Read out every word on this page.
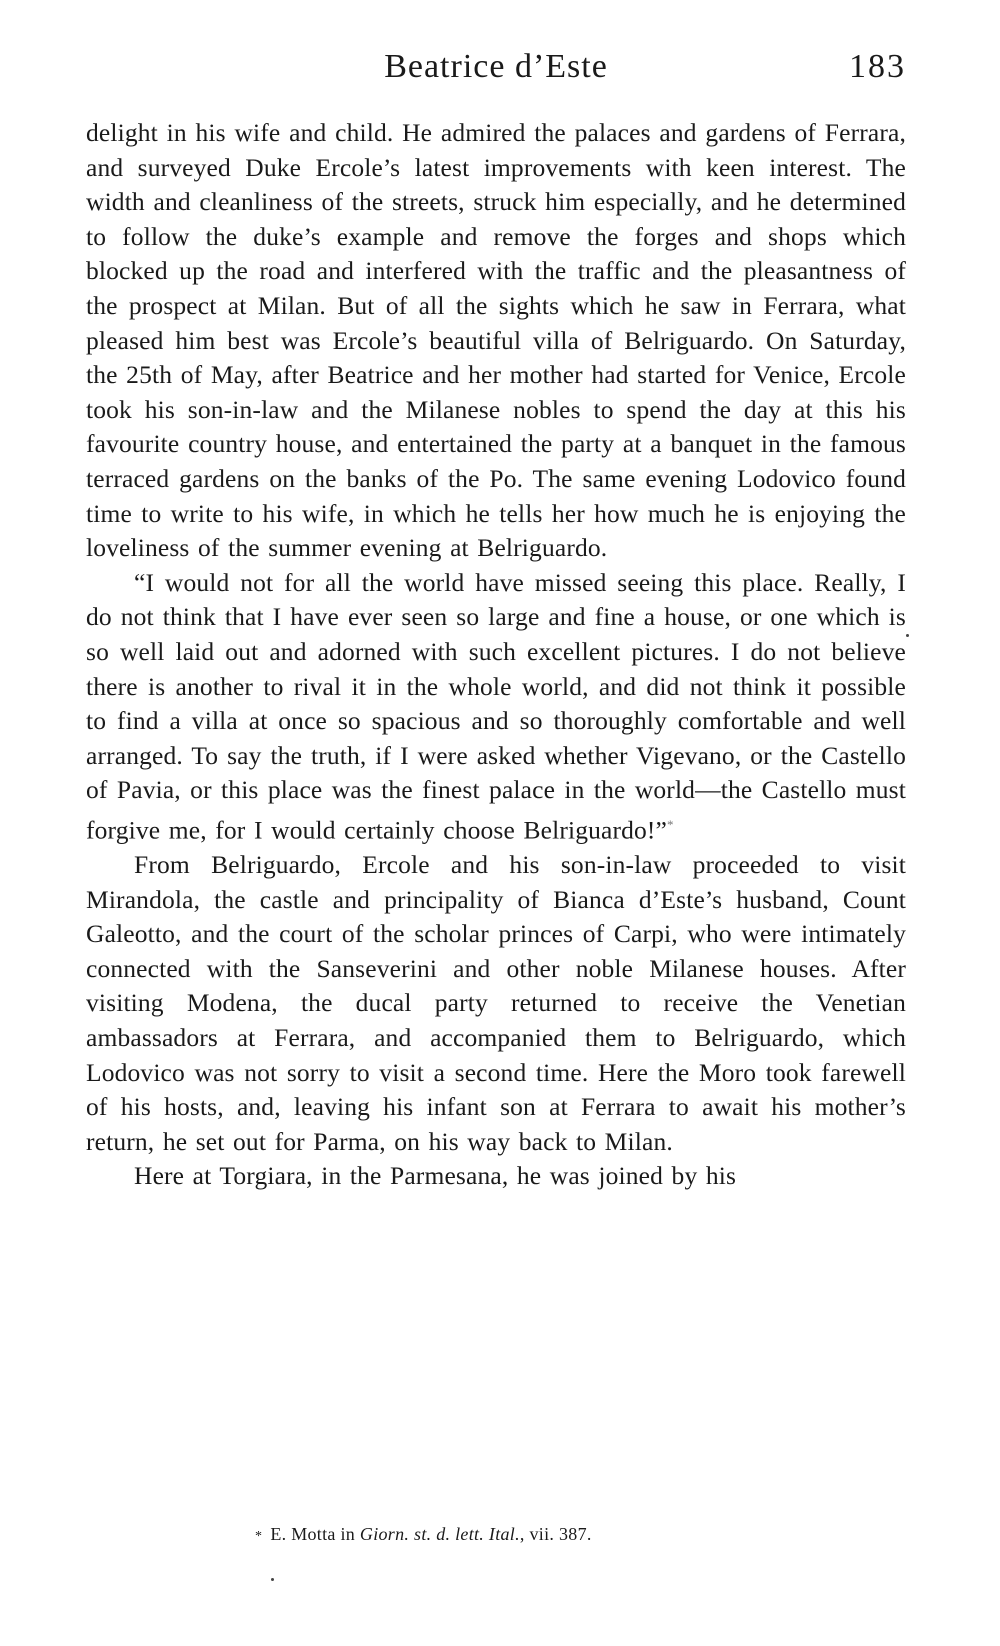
Beatrice d’Este	183

delight in his wife and child. He admired the palaces and gardens of Ferrara, and surveyed Duke Ercole’s latest improvements with keen interest. The width and cleanliness of the streets, struck him especially, and he determined to follow the duke’s example and remove the forges and shops which blocked up the road and interfered with the traffic and the pleasantness of the prospect at Milan. But of all the sights which he saw in Ferrara, what pleased him best was Ercole’s beautiful villa of Belriguardo. On Saturday, the 25th of May, after Beatrice and her mother had started for Venice, Ercole took his son-in-law and the Milanese nobles to spend the day at this his favourite country house, and entertained the party at a banquet in the famous terraced gardens on the banks of the Po. The same evening Lodovico found time to write to his wife, in which he tells her how much he is enjoying the loveliness of the summer evening at Belriguardo.

“I would not for all the world have missed seeing this place. Really, I do not think that I have ever seen so large and fine a house, or one which is so well laid out and adorned with such excellent pictures. I do not believe there is another to rival it in the whole world, and did not think it possible to find a villa at once so spacious and so thoroughly comfortable and well arranged. To say the truth, if I were asked whether Vigevano, or the Castello of Pavia, or this place was the finest palace in the world—the Castello must forgive me, for I would certainly choose Belriguardo!”*

From Belriguardo, Ercole and his son-in-law proceeded to visit Mirandola, the castle and principality of Bianca d’Este’s husband, Count Galeotto, and the court of the scholar princes of Carpi, who were intimately connected with the Sanseverini and other noble Milanese houses. After visiting Modena, the ducal party returned to receive the Venetian ambassadors at Ferrara, and accompanied them to Belriguardo, which Lodovico was not sorry to visit a second time. Here the Moro took farewell of his hosts, and, leaving his infant son at Ferrara to await his mother’s return, he set out for Parma, on his way back to Milan.

Here at Torgiara, in the Parmesana, he was joined by his

* E. Motta in Giorn. st. d. lett. Ital., vii. 387.
